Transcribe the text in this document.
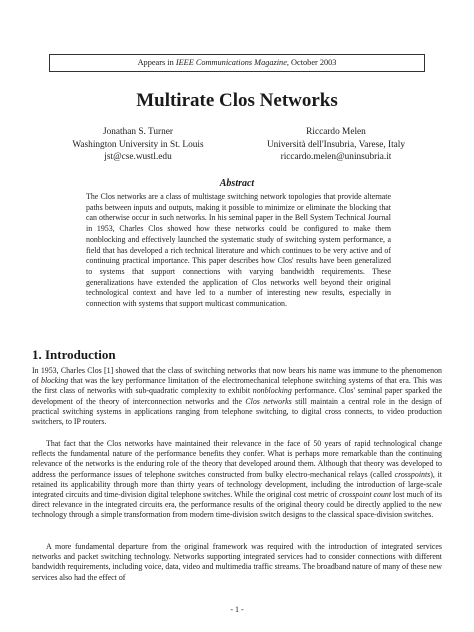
Appears in IEEE Communications Magazine, October 2003
Multirate Clos Networks
Jonathan S. Turner
Washington University in St. Louis
jst@cse.wustl.edu
Riccardo Melen
Università dell'Insubria, Varese, Italy
riccardo.melen@uninsubria.it
Abstract
The Clos networks are a class of multistage switching network topologies that provide alternate paths between inputs and outputs, making it possible to minimize or eliminate the blocking that can otherwise occur in such networks. In his seminal paper in the Bell System Technical Journal in 1953, Charles Clos showed how these networks could be configured to make them nonblocking and effectively launched the systematic study of switching system performance, a field that has developed a rich technical literature and which continues to be very active and of continuing practical importance. This paper describes how Clos' results have been generalized to systems that support connections with varying bandwidth requirements. These generalizations have extended the application of Clos networks well beyond their original technological context and have led to a number of interesting new results, especially in connection with systems that support multicast communication.
1. Introduction
In 1953, Charles Clos [1] showed that the class of switching networks that now bears his name was immune to the phenomenon of blocking that was the key performance limitation of the electromechanical telephone switching systems of that era. This was the first class of networks with sub-quadratic complexity to exhibit nonblocking performance. Clos' seminal paper sparked the development of the theory of interconnection networks and the Clos networks still maintain a central role in the design of practical switching systems in applications ranging from telephone switching, to digital cross connects, to video production switchers, to IP routers.
That fact that the Clos networks have maintained their relevance in the face of 50 years of rapid technological change reflects the fundamental nature of the performance benefits they confer. What is perhaps more remarkable than the continuing relevance of the networks is the enduring role of the theory that developed around them. Although that theory was developed to address the performance issues of telephone switches constructed from bulky electro-mechanical relays (called crosspoints), it retained its applicability through more than thirty years of technology development, including the introduction of large-scale integrated circuits and time-division digital telephone switches. While the original cost metric of crosspoint count lost much of its direct relevance in the integrated circuits era, the performance results of the original theory could be directly applied to the new technology through a simple transformation from modern time-division switch designs to the classical space-division switches.
A more fundamental departure from the original framework was required with the introduction of integrated services networks and packet switching technology. Networks supporting integrated services had to consider connections with different bandwidth requirements, including voice, data, video and multimedia traffic streams. The broadband nature of many of these new services also had the effect of
- 1 -
